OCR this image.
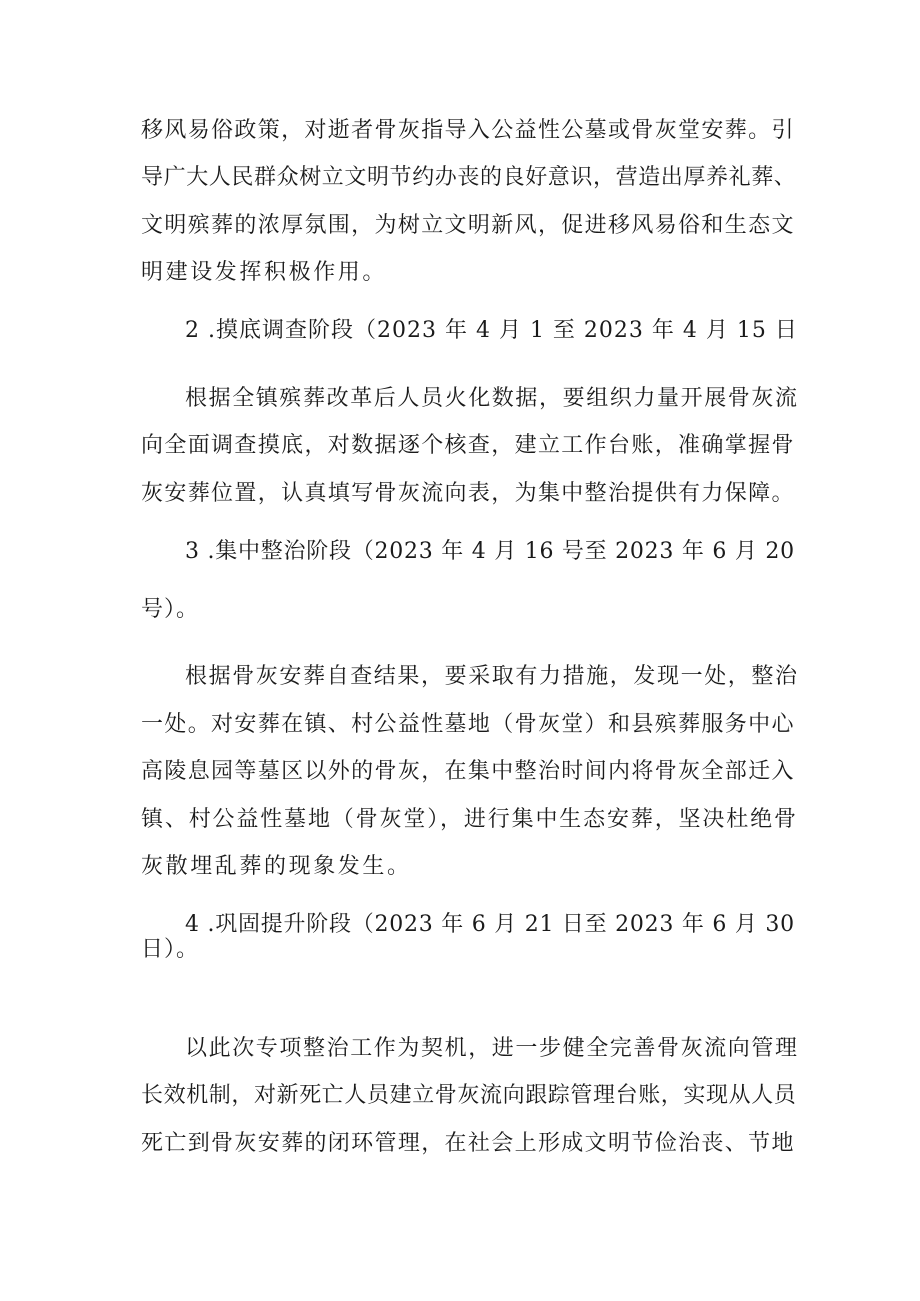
移风易俗政策，对逝者骨灰指导入公益性公墓或骨灰堂安葬。引
导广大人民群众树立文明节约办丧的良好意识，营造出厚养礼葬、
文明殡葬的浓厚氛围，为树立文明新风，促进移风易俗和生态文
明建设发挥积极作用。
2 .摸底调查阶段（2023 年 4 月 1 至 2023 年 4 月 15 日
根据全镇殡葬改革后人员火化数据，要组织力量开展骨灰流
向全面调查摸底，对数据逐个核查，建立工作台账，准确掌握骨
灰安葬位置，认真填写骨灰流向表，为集中整治提供有力保障。
3 .集中整治阶段（2023 年 4 月 16 号至 2023 年 6 月 20
号）。
根据骨灰安葬自查结果，要采取有力措施，发现一处，整治
一处。对安葬在镇、村公益性墓地（骨灰堂）和县殡葬服务中心
高陵息园等墓区以外的骨灰，在集中整治时间内将骨灰全部迁入
镇、村公益性墓地（骨灰堂），进行集中生态安葬，坚决杜绝骨
灰散埋乱葬的现象发生。
4 .巩固提升阶段（2023 年 6 月 21 日至 2023 年 6 月 30
日）。
以此次专项整治工作为契机，进一步健全完善骨灰流向管理
长效机制，对新死亡人员建立骨灰流向跟踪管理台账，实现从人员
死亡到骨灰安葬的闭环管理，在社会上形成文明节俭治丧、节地
